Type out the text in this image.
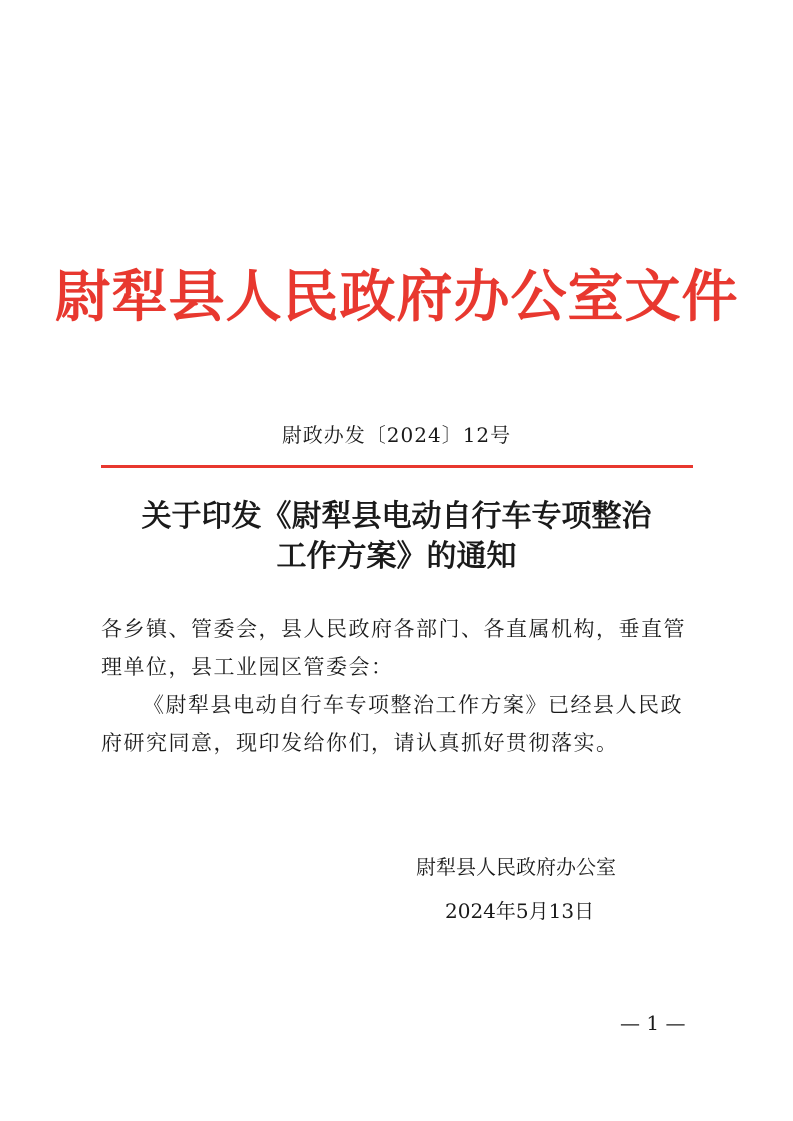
尉犁县人民政府办公室文件
尉政办发〔2024〕12号
关于印发《尉犁县电动自行车专项整治
工作方案》的通知

各乡镇、管委会，县人民政府各部门、各直属机构，垂直管理单位，县工业园区管委会：

《尉犁县电动自行车专项整治工作方案》已经县人民政府研究同意，现印发给你们，请认真抓好贯彻落实。

尉犁县人民政府办公室
2024年5月13日
— 1 —
